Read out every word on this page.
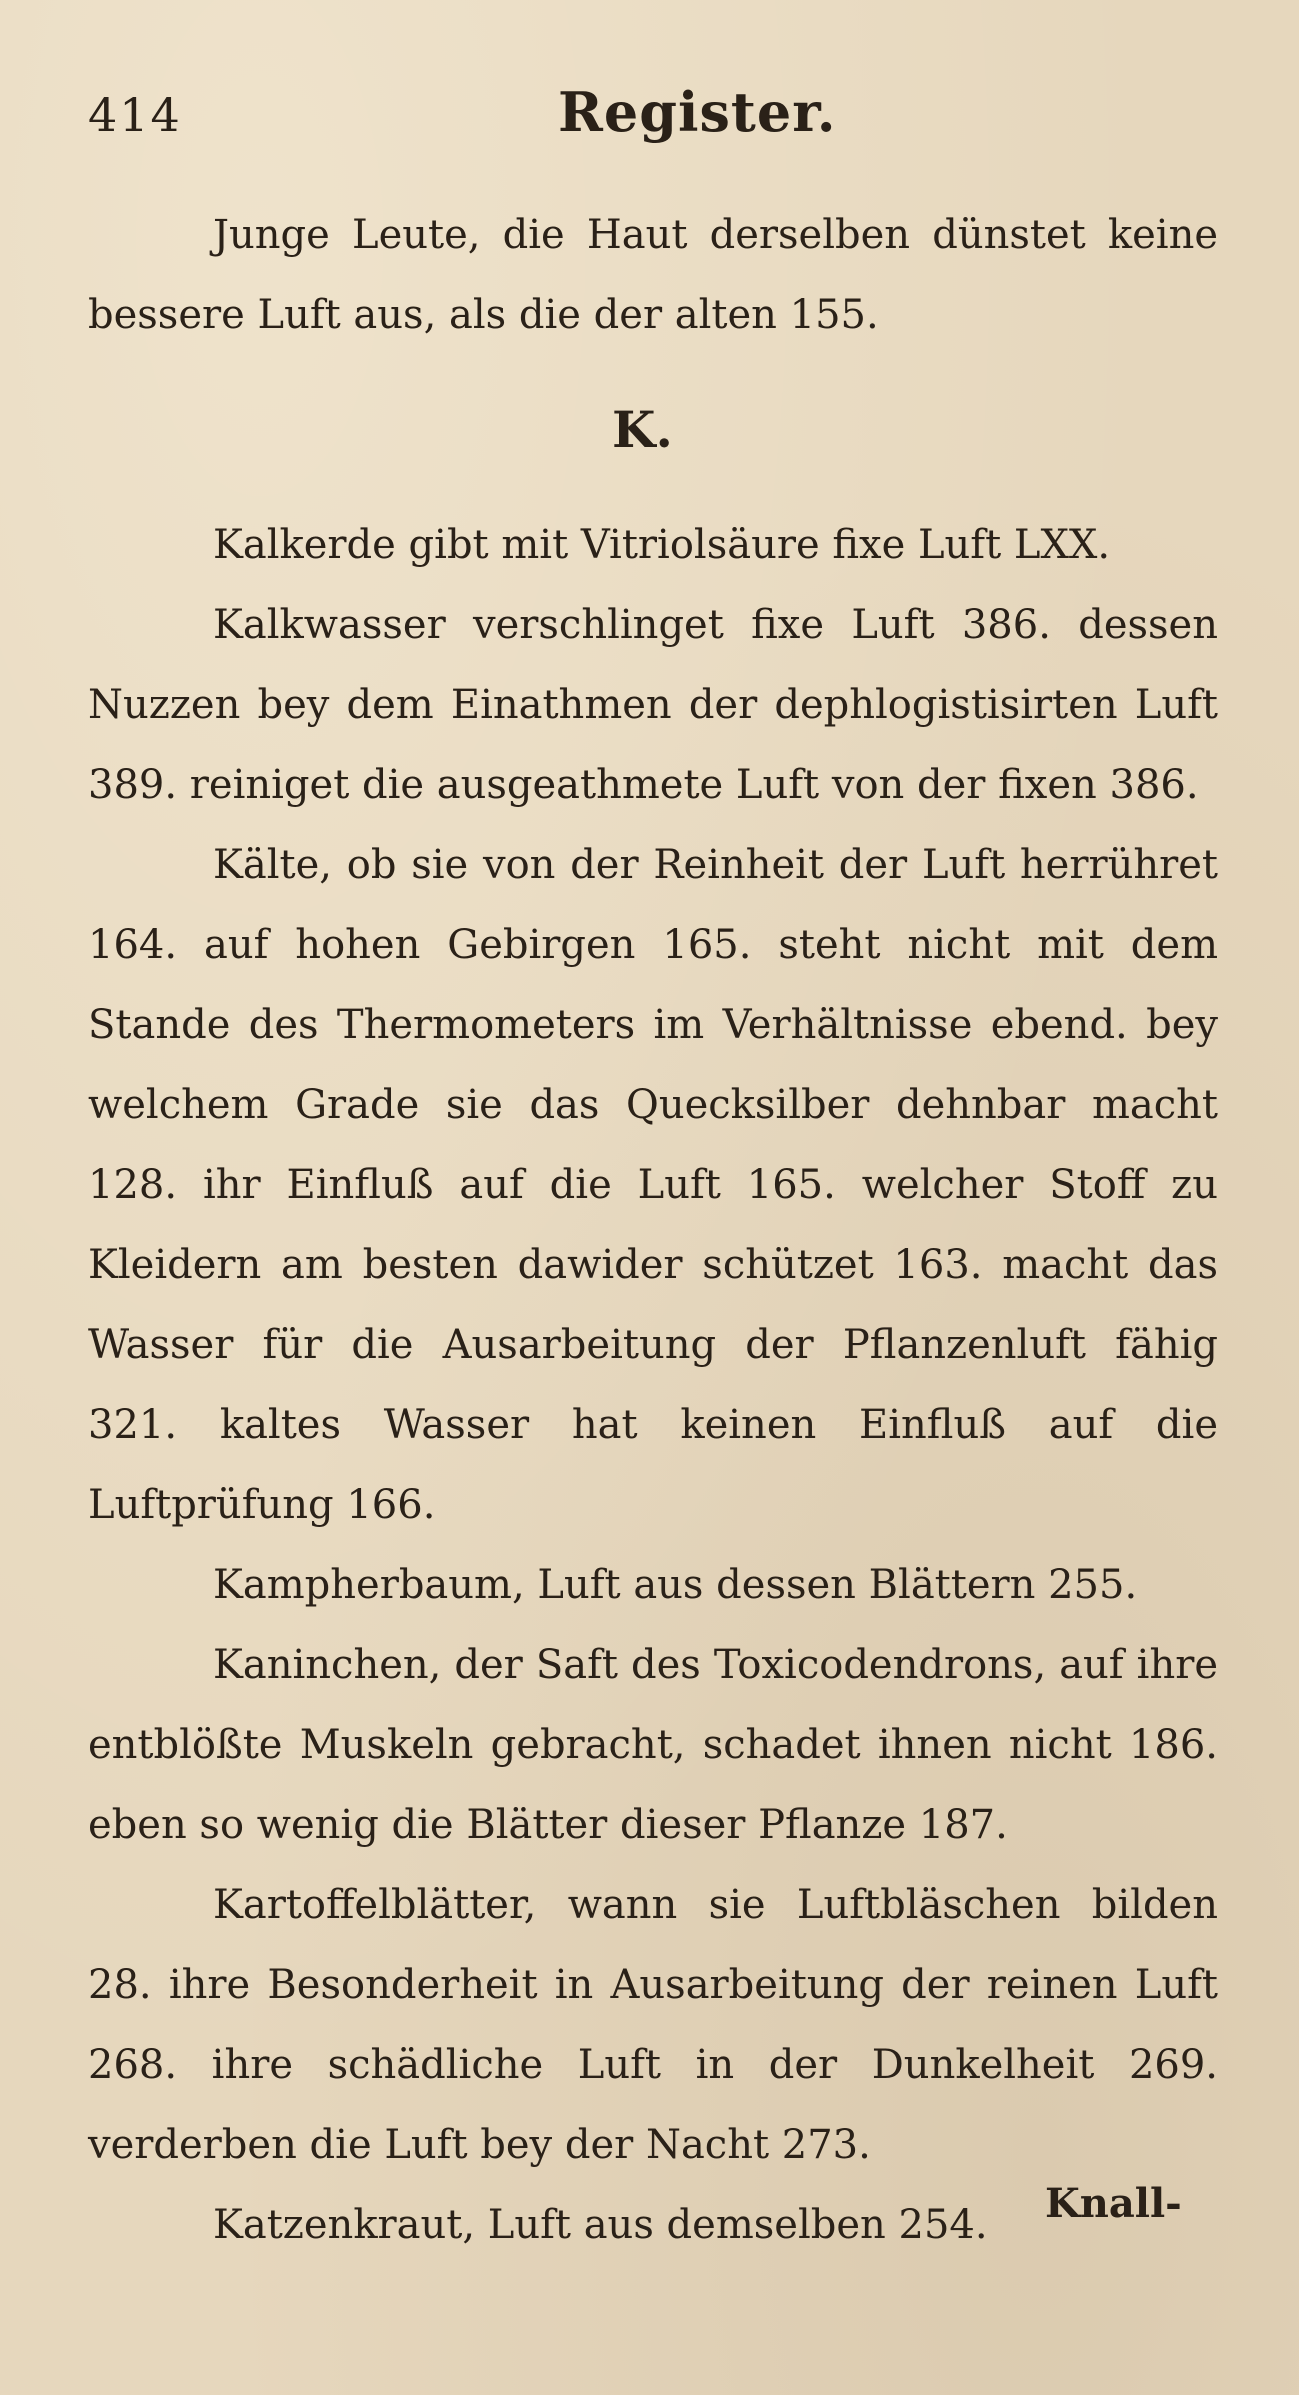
414	Register.
Junge Leute, die Haut derselben dünstet keine bessere Luft aus, als die der alten 155.
K.

Kalkerde gibt mit Vitriolsäure fixe Luft LXX.

Kalkwasser verschlinget fixe Luft 386. dessen Nuzzen bey dem Einathmen der dephlogistisirten Luft 389. reiniget die ausgeathmete Luft von der fixen 386.

Kälte, ob sie von der Reinheit der Luft herrühret 164. auf hohen Gebirgen 165. steht nicht mit dem Stande des Thermometers im Verhältnisse ebend. bey welchem Grade sie das Quecksilber dehnbar macht 128. ihr Einfluß auf die Luft 165. welcher Stoff zu Kleidern am besten dawider schützet 163. macht das Wasser für die Ausarbeitung der Pflanzenluft fähig 321. kaltes Wasser hat keinen Einfluß auf die Luftprüfung 166.

Kampherbaum, Luft aus dessen Blättern 255.

Kaninchen, der Saft des Toxicodendrons, auf ihre entblößte Muskeln gebracht, schadet ihnen nicht 186. eben so wenig die Blätter dieser Pflanze 187.

Kartoffelblätter, wann sie Luftbläschen bilden 28. ihre Besonderheit in Ausarbeitung der reinen Luft 268. ihre schädliche Luft in der Dunkelheit 269. verderben die Luft bey der Nacht 273.

Katzenkraut, Luft aus demselben 254.	Knall-
